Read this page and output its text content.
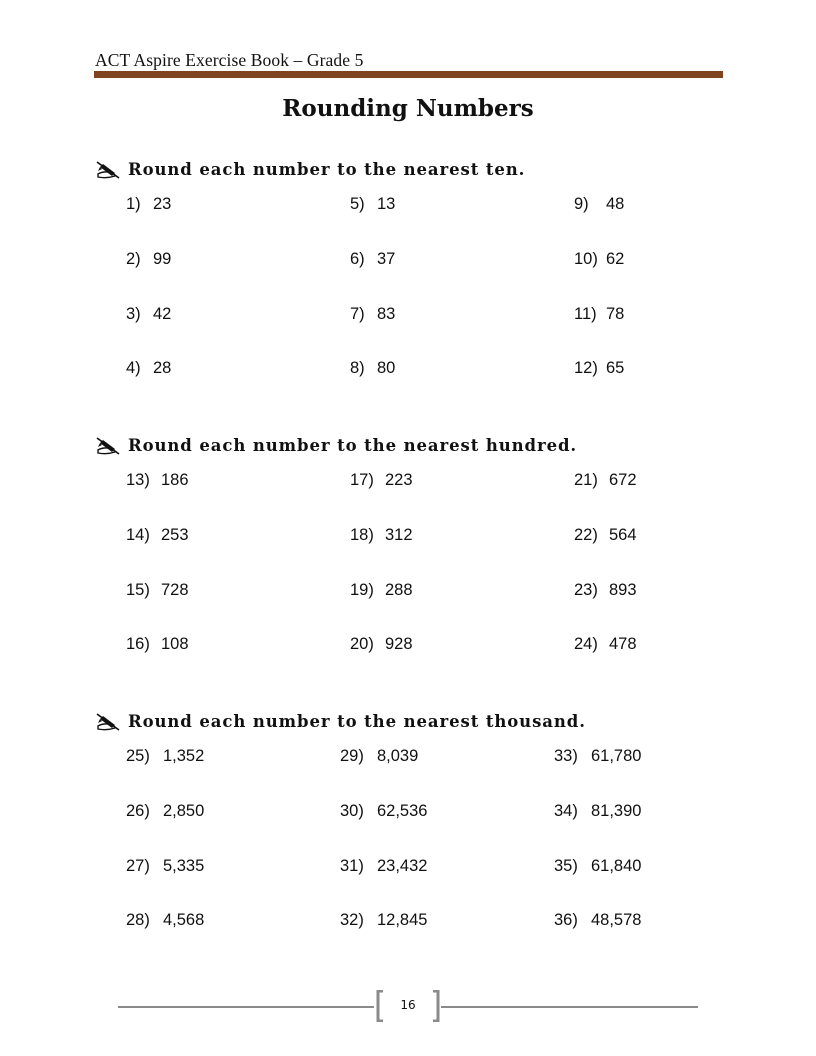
ACT Aspire Exercise Book – Grade 5
Rounding Numbers
Round each number to the nearest ten.
Round each number to the nearest hundred.
Round each number to the nearest thousand.
16
1) 23
2) 99
3) 42
4) 28
5) 13
6) 37
7) 83
8) 80
9) 48
10) 62
11) 78
12) 65
13) 186
14) 253
15) 728
16) 108
17) 223
18) 312
19) 288
20) 928
21) 672
22) 564
23) 893
24) 478
25) 1,352
26) 2,850
27) 5,335
28) 4,568
29) 8,039
30) 62,536
31) 23,432
32) 12,845
33) 61,780
34) 81,390
35) 61,840
36) 48,578
